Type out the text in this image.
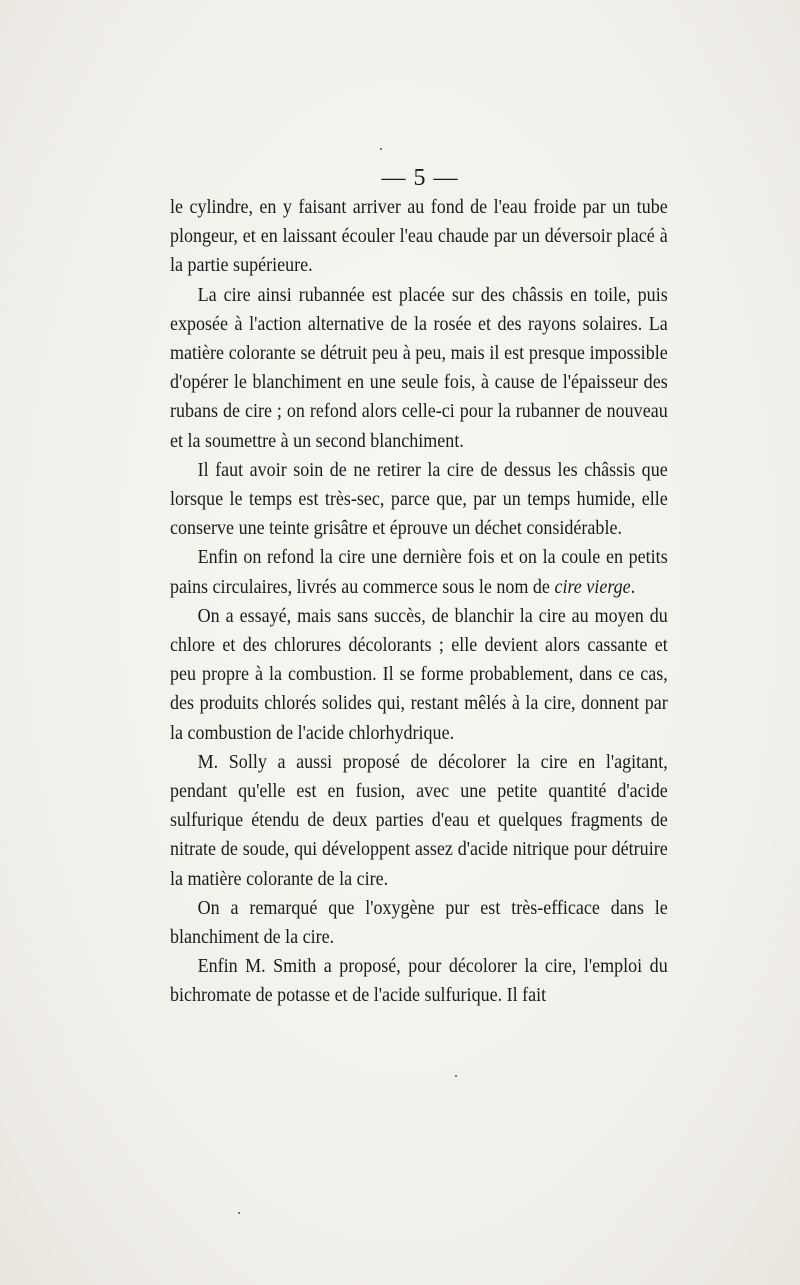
— 5 —

le cylindre, en y faisant arriver au fond de l'eau froide par un tube plongeur, et en laissant écouler l'eau chaude par un déversoir placé à la partie supérieure.

La cire ainsi rubannée est placée sur des châssis en toile, puis exposée à l'action alternative de la rosée et des rayons solaires. La matière colorante se détruit peu à peu, mais il est presque impossible d'opérer le blanchiment en une seule fois, à cause de l'épaisseur des rubans de cire ; on refond alors celle-ci pour la rubanner de nouveau et la soumettre à un second blanchiment.

Il faut avoir soin de ne retirer la cire de dessus les châssis que lorsque le temps est très-sec, parce que, par un temps humide, elle conserve une teinte grisâtre et éprouve un déchet considérable.

Enfin on refond la cire une dernière fois et on la coule en petits pains circulaires, livrés au commerce sous le nom de cire vierge.

On a essayé, mais sans succès, de blanchir la cire au moyen du chlore et des chlorures décolorants ; elle devient alors cassante et peu propre à la combustion. Il se forme probablement, dans ce cas, des produits chlorés solides qui, restant mêlés à la cire, donnent par la combustion de l'acide chlorhydrique.

M. Solly a aussi proposé de décolorer la cire en l'agitant, pendant qu'elle est en fusion, avec une petite quantité d'acide sulfurique étendu de deux parties d'eau et quelques fragments de nitrate de soude, qui développent assez d'acide nitrique pour détruire la matière colorante de la cire.

On a remarqué que l'oxygène pur est très-efficace dans le blanchiment de la cire.

Enfin M. Smith a proposé, pour décolorer la cire, l'emploi du bichromate de potasse et de l'acide sulfurique. Il fait
